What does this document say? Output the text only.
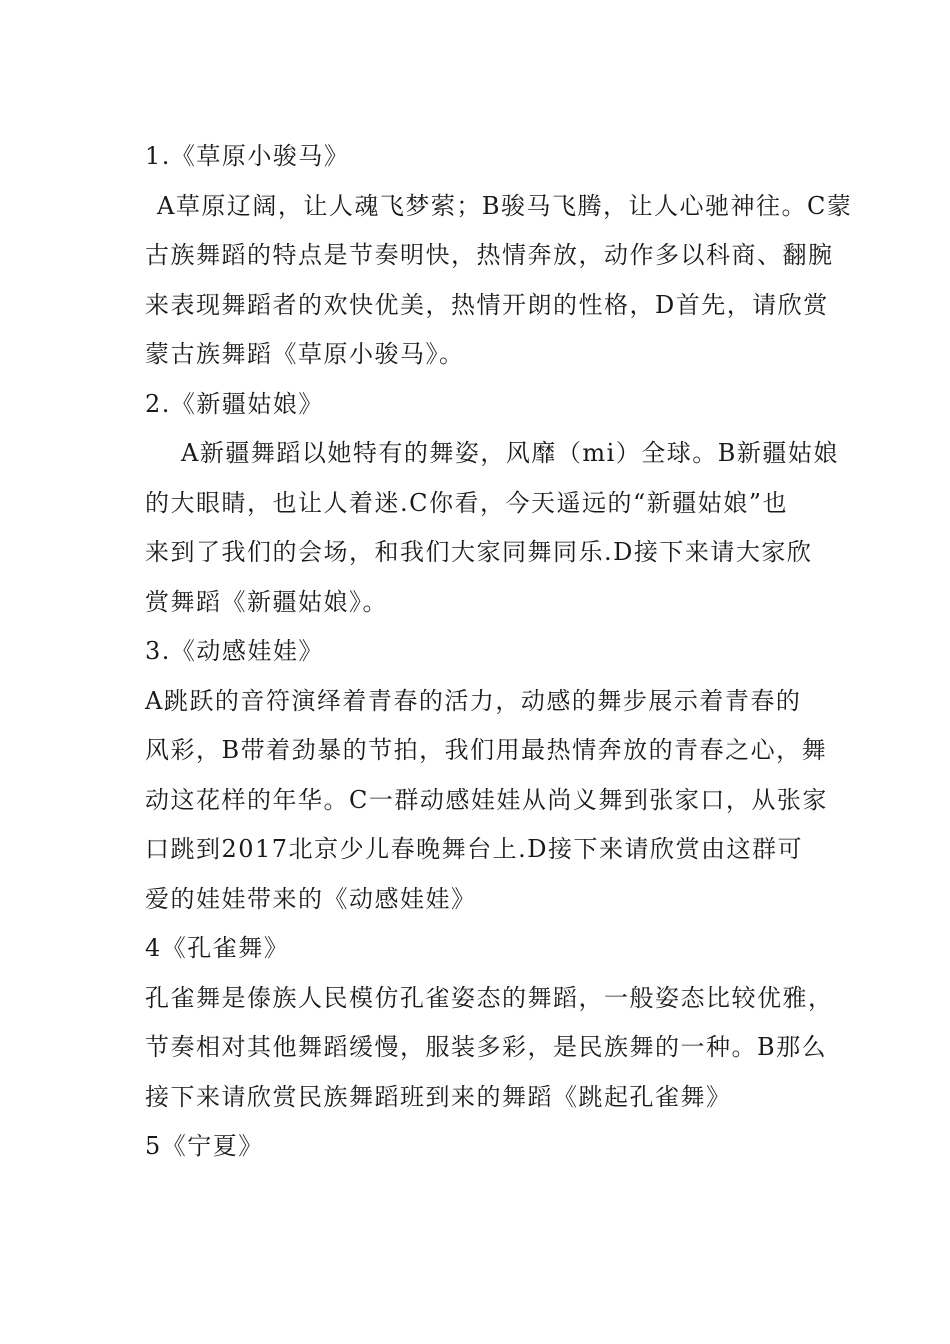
1.《草原小骏马》
A草原辽阔，让人魂飞梦萦；B骏马飞腾，让人心驰神往。C蒙
古族舞蹈的特点是节奏明快，热情奔放，动作多以科商、翻腕
来表现舞蹈者的欢快优美，热情开朗的性格，D首先，请欣赏
蒙古族舞蹈《草原小骏马》。
2.《新疆姑娘》
A新疆舞蹈以她特有的舞姿，风靡（mi）全球。B新疆姑娘
的大眼睛，也让人着迷.C你看，今天遥远的“新疆姑娘”也
来到了我们的会场，和我们大家同舞同乐.D接下来请大家欣
赏舞蹈《新疆姑娘》。
3.《动感娃娃》
A跳跃的音符演绎着青春的活力，动感的舞步展示着青春的
风彩，B带着劲暴的节拍，我们用最热情奔放的青春之心，舞
动这花样的年华。C一群动感娃娃从尚义舞到张家口，从张家
口跳到2017北京少儿春晚舞台上.D接下来请欣赏由这群可
爱的娃娃带来的《动感娃娃》
4《孔雀舞》
孔雀舞是傣族人民模仿孔雀姿态的舞蹈，一般姿态比较优雅，
节奏相对其他舞蹈缓慢，服装多彩，是民族舞的一种。B那么
接下来请欣赏民族舞蹈班到来的舞蹈《跳起孔雀舞》
5《宁夏》
